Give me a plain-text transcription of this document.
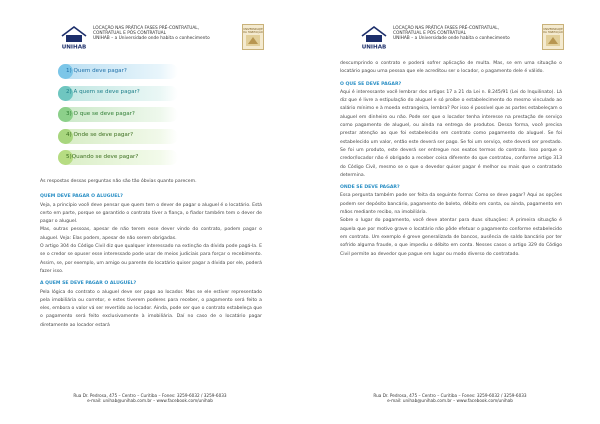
UNIHAB
LOCAÇÃO NAS PRÁTICA FASES PRÉ-CONTRATUAL,
CONTRATUAL E PÓS CONTRATUAL
UNIHAB – a Universidade onde habita o conhecimento
UNIVERSIDADE
DA HABITAÇÃO
1) Quem deve pagar?
2) A quem se deve pagar?
3) O que se deve pagar?
4) Onde se deve pagar?
5)Quando se deve pagar?

As respostas dessas perguntas não são tão óbvias quanto parecem.

QUEM DEVE PAGAR O ALUGUEL?

Veja, a princípio você deve pensar que quem tem o dever de pagar o aluguel é o locatário. Está certo em parte, porque se garantido o contrato tiver a fiança, o fiador também tem o dever de pagar o aluguel.

Mas, outras pessoas, apesar de não terem esse dever vindo do contrato, podem pagar o aluguel. Veja: Elas podem, apesar de não serem obrigadas.

O artigo 304 do Código Civil diz que qualquer interessado na extinção da dívida pode pagá-la. E se o credor se opuser esse interessado pode usar de meios judiciais para forçar o recebimento. Assim, se, por exemplo, um amigo ou parente do locatário quiser pagar a dívida por ele, poderá fazer isso.

A QUEM SE DEVE PAGAR O ALUGUEL?

Pela lógica do contrato o aluguel deve ser pago ao locador. Mas se ele estiver representado pela imobiliária ou corretor, e estes tiverem poderes para receber, o pagamento será feito a eles, embora o valor vá ser revertido ao locador. Ainda, pode ser que o contrato estabeleça que o pagamento será feito exclusivamente à imobiliária. Daí no caso de o locatário pagar diretamente ao locador estará

Rua Dr. Pedrosa, 475 – Centro – Curitiba – Fones: 3259-6032 / 3259-6033
e-mail: unihab@unihab.com.br – www.facebook.com/unihab
UNIHAB
LOCAÇÃO NAS PRÁTICA FASES PRÉ-CONTRATUAL,
CONTRATUAL E PÓS CONTRATUAL
UNIHAB – a Universidade onde habita o conhecimento
UNIVERSIDADE
DA HABITAÇÃO

descumprindo o contrato e poderá sofrer aplicação de multa. Mas, se em uma situação o locatário pagou uma pessoa que ele acreditou ser o locador, o pagamento dele é válido.

O QUE SE DEVE PAGAR?

Aqui é interessante você lembrar dos artigos 17 a 21 da Lei n. 8.245/91 (Lei do Inquilinato). Lá diz que é livre a estipulação do aluguel e só proíbe o estabelecimento do mesmo vinculado ao salário mínimo e à moeda estrangeira, lembra? Por isso é possível que as partes estabeleçam o aluguel em dinheiro ou não. Pode ser que o locador tenha interesse na prestação de serviço como pagamento de aluguel, ou ainda na entrega de produtos. Dessa forma, você precisa prestar atenção ao que foi estabelecido em contrato como pagamento do aluguel. Se foi estabelecido um valor, então este deverá ser pago. Se foi um serviço, este deverá ser prestado. Se foi um produto, este deverá ser entregue nos exatos termos do contrato. Isso porque o credor/locador não é obrigado a receber coisa diferente do que contratou, conforme artigo 313 do Código Civil, mesmo se o que o devedor quiser pagar é melhor ou mais que o contratado determina.

ONDE SE DEVE PAGAR?

Essa pergunta também pode ser feita da seguinte forma: Como se deve pagar? Aqui as opções podem ser depósito bancário, pagamento de boleto, débito em conta, ou ainda, pagamento em mãos mediante recibo, na imobiliária.

Sobre o lugar do pagamento, você deve atentar para duas situações: A primeira situação é aquela que por motivo grave o locatário não pôde efetuar o pagamento conforme estabelecido em contrato. Um exemplo é greve generalizada de bancos, ausência de saldo bancário por ter sofrido alguma fraude, o que impediu o débito em conta. Nesses casos o artigo 329 do Código Civil permite ao devedor que pague em lugar ou modo diverso do contratado.

Rua Dr. Pedrosa, 475 – Centro – Curitiba – Fones: 3259-6032 / 3259-6033
e-mail: unihab@unihab.com.br – www.facebook.com/unihab
